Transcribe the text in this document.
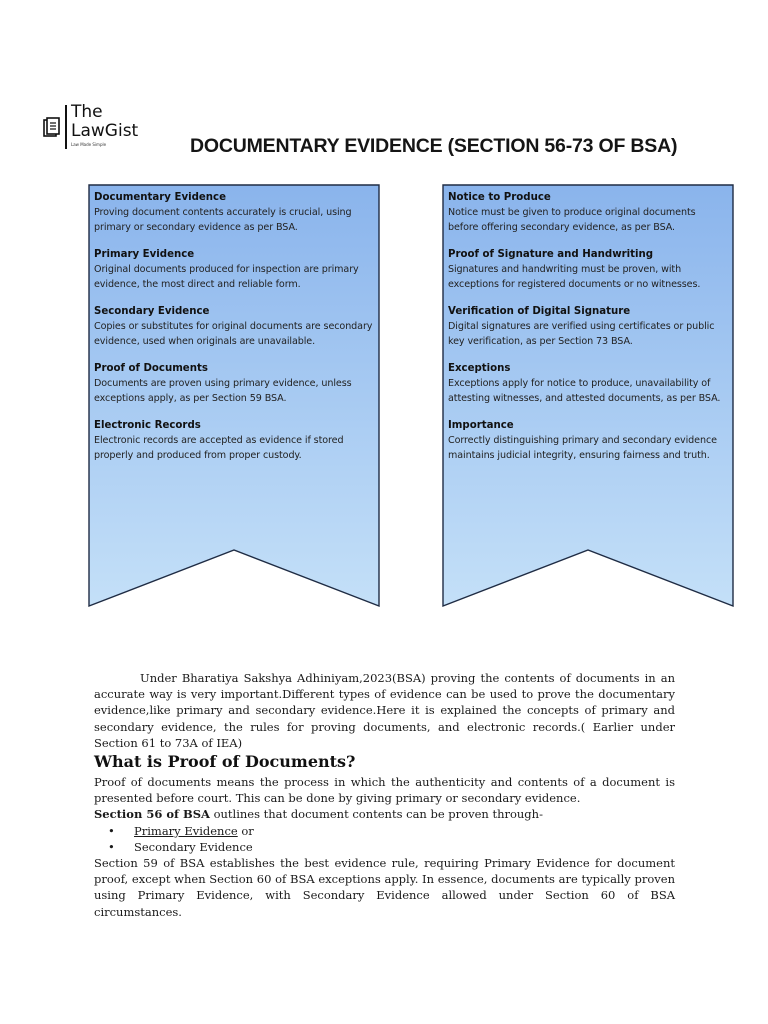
The
LawGist
Law Made Simple	DOCUMENTARY EVIDENCE (SECTION 56-73 OF BSA)
Documentary Evidence
Proving document contents accurately is crucial, using primary or secondary evidence as per BSA.
Primary Evidence
Original documents produced for inspection are primary evidence, the most direct and reliable form.
Secondary Evidence
Copies or substitutes for original documents are secondary evidence, used when originals are unavailable.
Proof of Documents
Documents are proven using primary evidence, unless exceptions apply, as per Section 59 BSA.
Electronic Records
Electronic records are accepted as evidence if stored properly and produced from proper custody.
Notice to Produce
Notice must be given to produce original documents before offering secondary evidence, as per BSA.
Proof of Signature and Handwriting
Signatures and handwriting must be proven, with exceptions for registered documents or no witnesses.
Verification of Digital Signature
Digital signatures are verified using certificates or public key verification, as per Section 73 BSA.
Exceptions
Exceptions apply for notice to produce, unavailability of attesting witnesses, and attested documents, as per BSA.
Importance
Correctly distinguishing primary and secondary evidence maintains judicial integrity, ensuring fairness and truth.

Under Bharatiya Sakshya Adhiniyam,2023(BSA) proving the contents of documents in an accurate way is very important.Different types of evidence can be used to prove the documentary evidence,like primary and secondary evidence.Here it is explained the concepts of primary and secondary evidence, the rules for proving documents, and electronic records.( Earlier under Section 61 to 73A of IEA)

What is Proof of Documents?

Proof of documents means the process in which the authenticity and contents of a document is presented before court. This can be done by giving primary or secondary evidence.

Section 56 of BSA outlines that document contents can be proven through-

• Primary Evidence or
• Secondary Evidence

Section 59 of BSA establishes the best evidence rule, requiring Primary Evidence for document proof, except when Section 60 of BSA exceptions apply. In essence, documents are typically proven using Primary Evidence, with Secondary Evidence allowed under Section 60 of BSA circumstances.
